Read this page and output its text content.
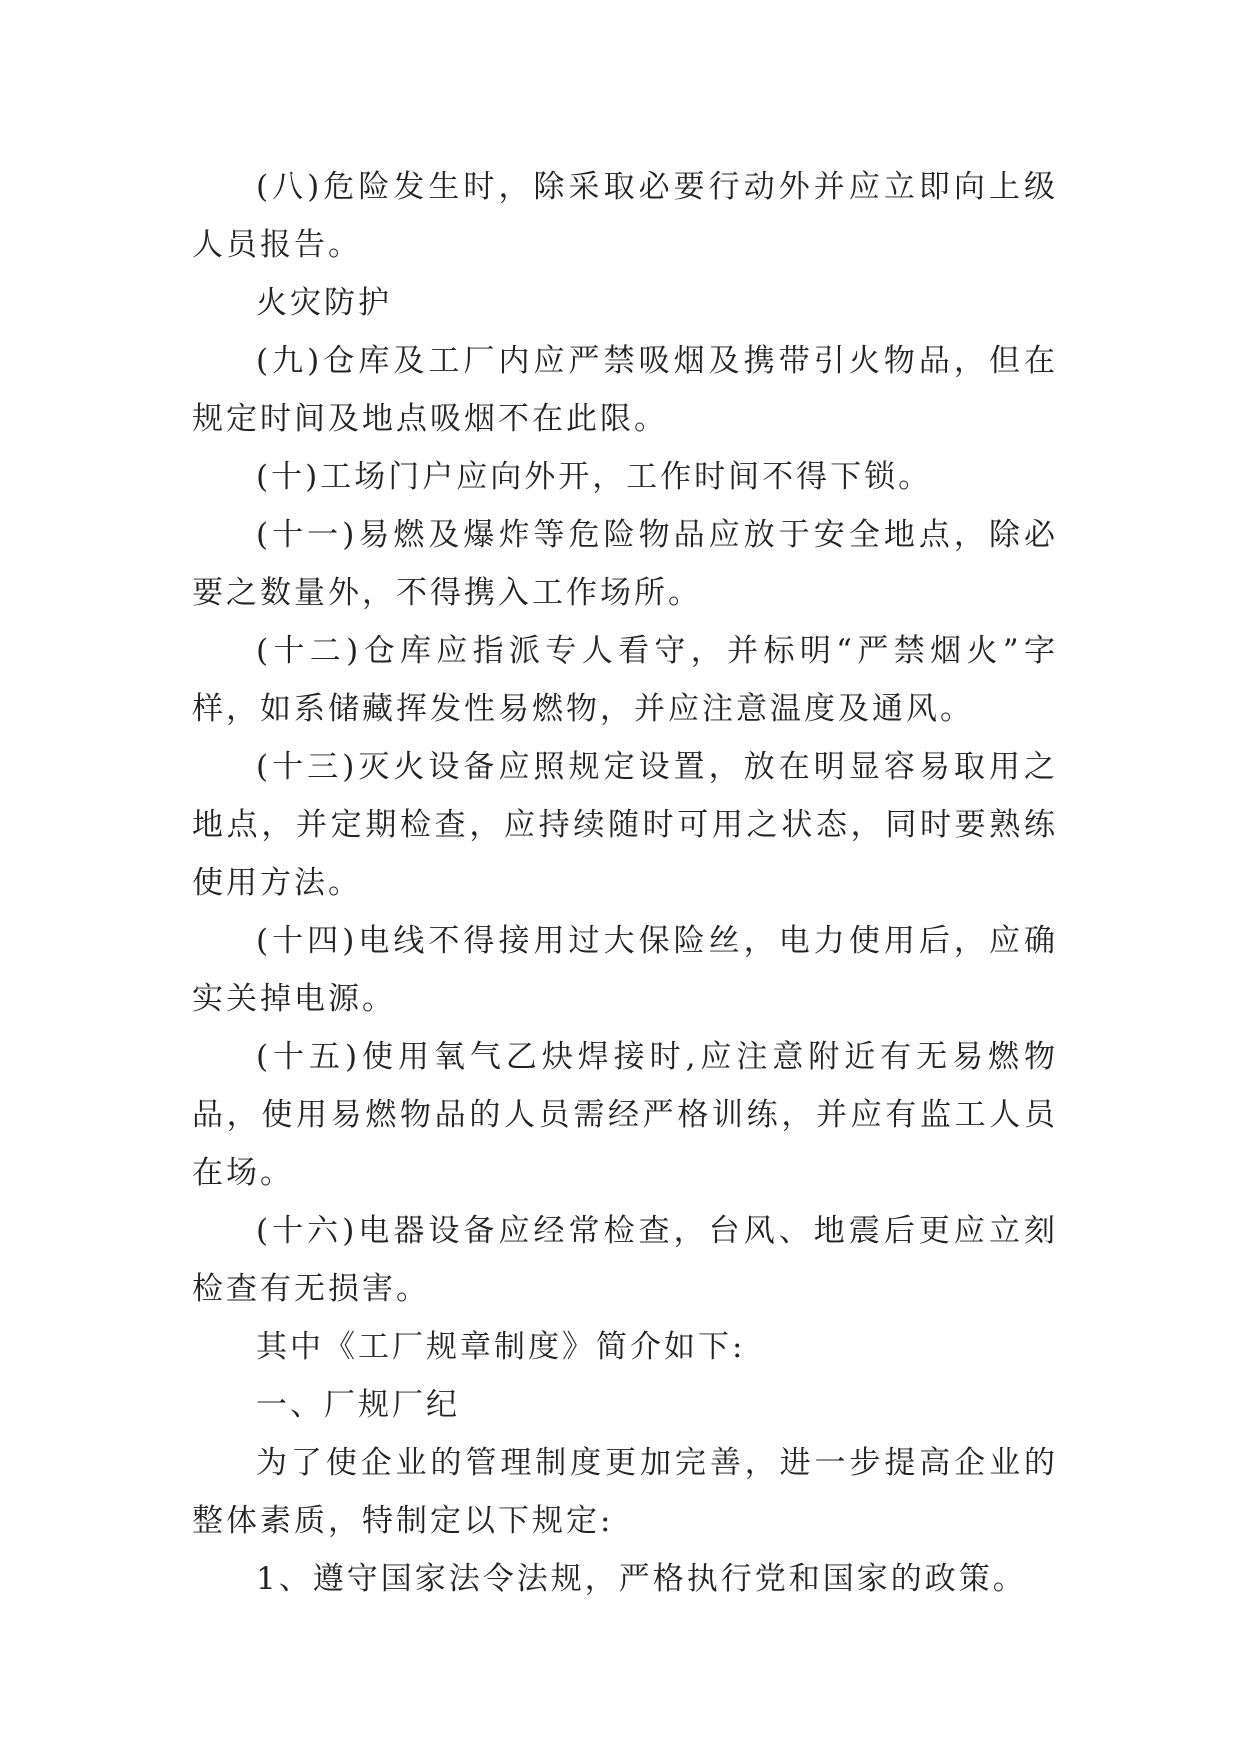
(八)危险发生时，除采取必要行动外并应立即向上级人员报告。

火灾防护

(九)仓库及工厂内应严禁吸烟及携带引火物品，但在规定时间及地点吸烟不在此限。

(十)工场门户应向外开，工作时间不得下锁。

(十一)易燃及爆炸等危险物品应放于安全地点，除必要之数量外，不得携入工作场所。

(十二)仓库应指派专人看守，并标明“严禁烟火”字样，如系储藏挥发性易燃物，并应注意温度及通风。

(十三)灭火设备应照规定设置，放在明显容易取用之地点，并定期检查，应持续随时可用之状态，同时要熟练使用方法。

(十四)电线不得接用过大保险丝，电力使用后，应确实关掉电源。

(十五)使用氧气乙炔焊接时,应注意附近有无易燃物品，使用易燃物品的人员需经严格训练，并应有监工人员在场。

(十六)电器设备应经常检查，台风、地震后更应立刻检查有无损害。

其中《工厂规章制度》简介如下:

一、厂规厂纪

为了使企业的管理制度更加完善，进一步提高企业的整体素质，特制定以下规定:

1、遵守国家法令法规，严格执行党和国家的政策。
